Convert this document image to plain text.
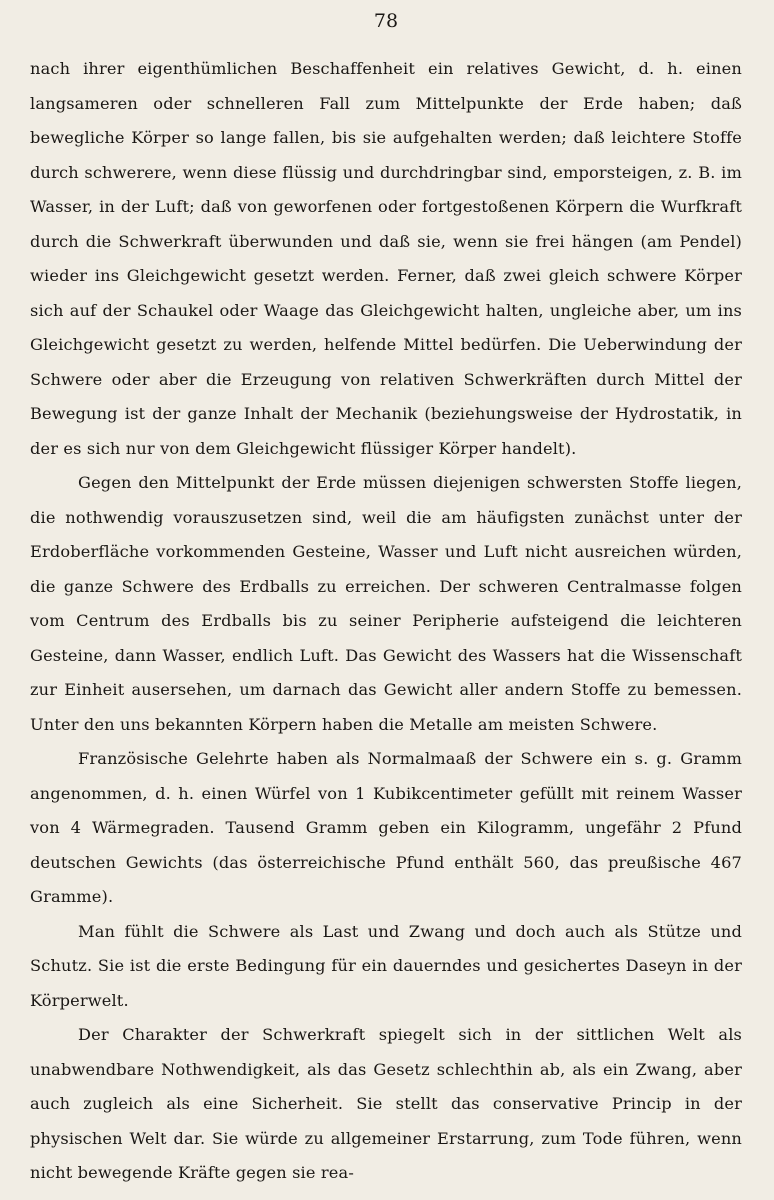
78

nach ihrer eigenthümlichen Beschaffenheit ein relatives Gewicht, d. h. einen langsameren oder schnelleren Fall zum Mittelpunkte der Erde haben; daß bewegliche Körper so lange fallen, bis sie aufgehalten werden; daß leichtere Stoffe durch schwerere, wenn diese flüssig und durchdringbar sind, emporsteigen, z. B. im Wasser, in der Luft; daß von geworfenen oder fortgestoßenen Körpern die Wurfkraft durch die Schwerkraft überwunden und daß sie, wenn sie frei hängen (am Pendel) wieder ins Gleichgewicht gesetzt werden. Ferner, daß zwei gleich schwere Körper sich auf der Schaukel oder Waage das Gleichgewicht halten, ungleiche aber, um ins Gleichgewicht gesetzt zu werden, helfende Mittel bedürfen. Die Ueberwindung der Schwere oder aber die Erzeugung von relativen Schwerkräften durch Mittel der Bewegung ist der ganze Inhalt der Mechanik (beziehungsweise der Hydrostatik, in der es sich nur von dem Gleichgewicht flüssiger Körper handelt).

Gegen den Mittelpunkt der Erde müssen diejenigen schwersten Stoffe liegen, die nothwendig vorauszusetzen sind, weil die am häufigsten zunächst unter der Erdoberfläche vorkommenden Gesteine, Wasser und Luft nicht ausreichen würden, die ganze Schwere des Erdballs zu erreichen. Der schweren Centralmasse folgen vom Centrum des Erdballs bis zu seiner Peripherie aufsteigend die leichteren Gesteine, dann Wasser, endlich Luft. Das Gewicht des Wassers hat die Wissenschaft zur Einheit ausersehen, um darnach das Gewicht aller andern Stoffe zu bemessen. Unter den uns bekannten Körpern haben die Metalle am meisten Schwere.

Französische Gelehrte haben als Normalmaaß der Schwere ein s. g. Gramm angenommen, d. h. einen Würfel von 1 Kubikcentimeter gefüllt mit reinem Wasser von 4 Wärmegraden. Tausend Gramm geben ein Kilogramm, ungefähr 2 Pfund deutschen Gewichts (das österreichische Pfund enthält 560, das preußische 467 Gramme).

Man fühlt die Schwere als Last und Zwang und doch auch als Stütze und Schutz. Sie ist die erste Bedingung für ein dauerndes und gesichertes Daseyn in der Körperwelt.

Der Charakter der Schwerkraft spiegelt sich in der sittlichen Welt als unabwendbare Nothwendigkeit, als das Gesetz schlechthin ab, als ein Zwang, aber auch zugleich als eine Sicherheit. Sie stellt das conservative Princip in der physischen Welt dar. Sie würde zu allgemeiner Erstarrung, zum Tode führen, wenn nicht bewegende Kräfte gegen sie rea-
